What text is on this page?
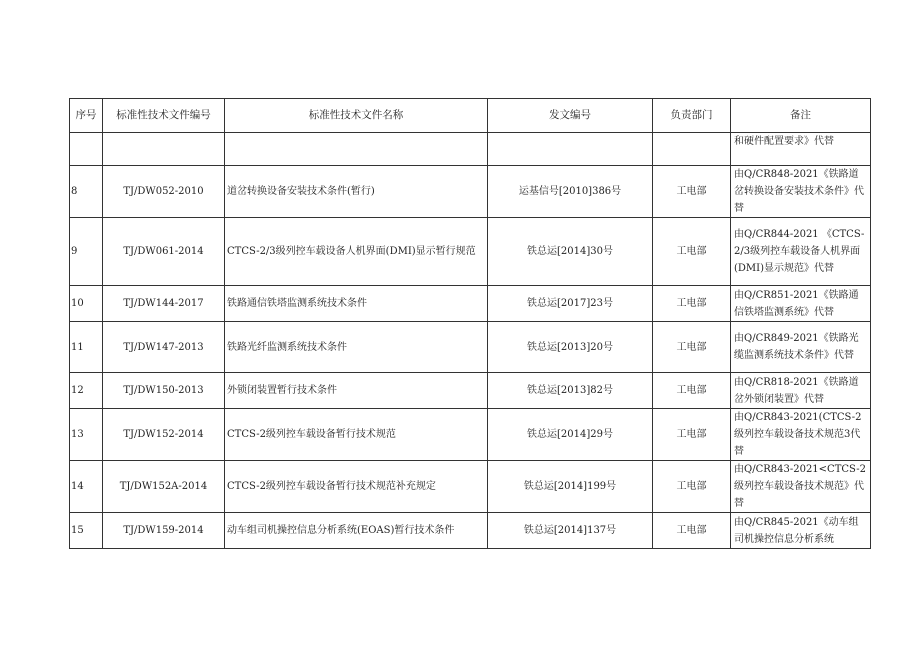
序号	标准性技术文件编号	标准性技术文件名称	发文编号	负责部门	备注
					和硬件配置要求》代替
8	TJ/DW052-2010	道岔转换设备安装技术条件(暂行)	运基信号[2010]386号	工电部	由Q/CR848-2021《铁路道岔转换设备安装技术条件》代替
9	TJ/DW061-2014	CTCS-2/3级列控车载设备人机界面(DMI)显示暂行规范	铁总运[2014]30号	工电部	由Q/CR844-2021 《CTCS-2/3级列控车载设备人机界面(DMI)显示规范》代替
10	TJ/DW144-2017	铁路通信铁塔监测系统技术条件	铁总运[2017]23号	工电部	由Q/CR851-2021《铁路通信铁塔监测系统》代替
11	TJ/DW147-2013	铁路光纤监测系统技术条件	铁总运[2013]20号	工电部	由Q/CR849-2021《铁路光缆监测系统技术条件》代替
12	TJ/DW150-2013	外锁闭装置暂行技术条件	铁总运[2013]82号	工电部	由Q/CR818-2021《铁路道岔外锁闭装置》代替
13	TJ/DW152-2014	CTCS-2级列控车载设备暂行技术规范	铁总运[2014]29号	工电部	由Q/CR843-2021(CTCS-2级列控车载设备技术规范3代替
14	TJ/DW152A-2014	CTCS-2级列控车载设备暂行技术规范补充规定	铁总运[2014]199号	工电部	由Q/CR843-2021<CTCS-2级列控车载设备技术规范》代替
15	TJ/DW159-2014	动车组司机操控信息分析系统(EOAS)暂行技术条件	铁总运[2014]137号	工电部	由Q/CR845-2021《动车组司机操控信息分析系统
